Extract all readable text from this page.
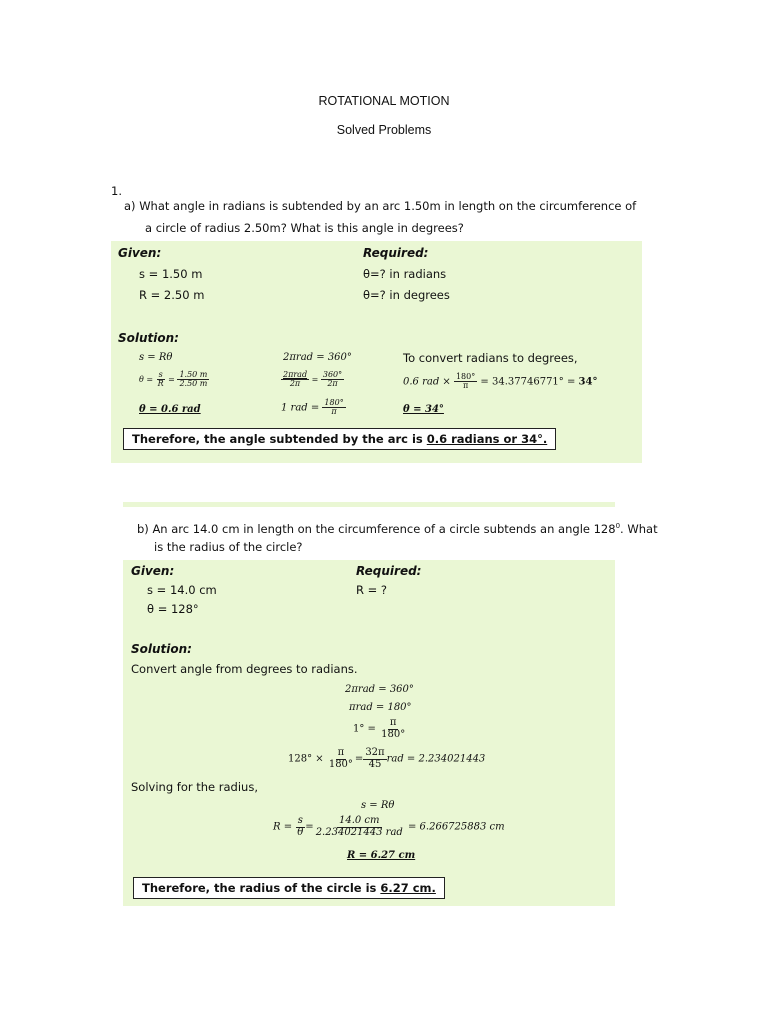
ROTATIONAL MOTION
Solved Problems
1.
a) What angle in radians is subtended by an arc 1.50m in length on the circumference of
a circle of radius 2.50m? What is this angle in degrees?
Given:
s = 1.50 m
R = 2.50 m
Required:
θ=? in radians
θ=? in degrees
Solution:
s = Rθ
$\theta = \frac{s}{R} = \frac{1.50 m}{2.50 m}$
θ = 0.6 rad
2πrad = 360°
$\frac{\text{2πrad}}{2\pi} = \frac{360^\circ}{2\pi}$
1 rad = $\frac{180^\circ}{\pi}$
To convert radians to degrees,
0.6 rad × $\frac{180^\circ}{\pi} = 34.37746771^\circ = 34^\circ$
θ = 34°
Therefore, the angle subtended by the arc is 0.6 radians or 34°.
b) An arc 14.0 cm in length on the circumference of a circle subtends an angle $128^0$. What
is the radius of the circle?
Given:
s = 14.0 cm
θ = 128°
Required:
R = ?
Solution:
Convert angle from degrees to radians.
2πrad = 360°
πrad = 180°
$1^\circ = \frac{\pi}{180^\circ}$
$128^\circ \times \frac{\pi}{180^\circ} = \frac{32\pi}{45}$ rad = 2.234021443
Solving for the radius,
s = Rθ
$R = \frac{s}{\theta} = \frac{14.0 cm}{\text{2.234021443 rad}} = 6.266725883$ cm
R = 6.27 cm
Therefore, the radius of the circle is 6.27 cm.
